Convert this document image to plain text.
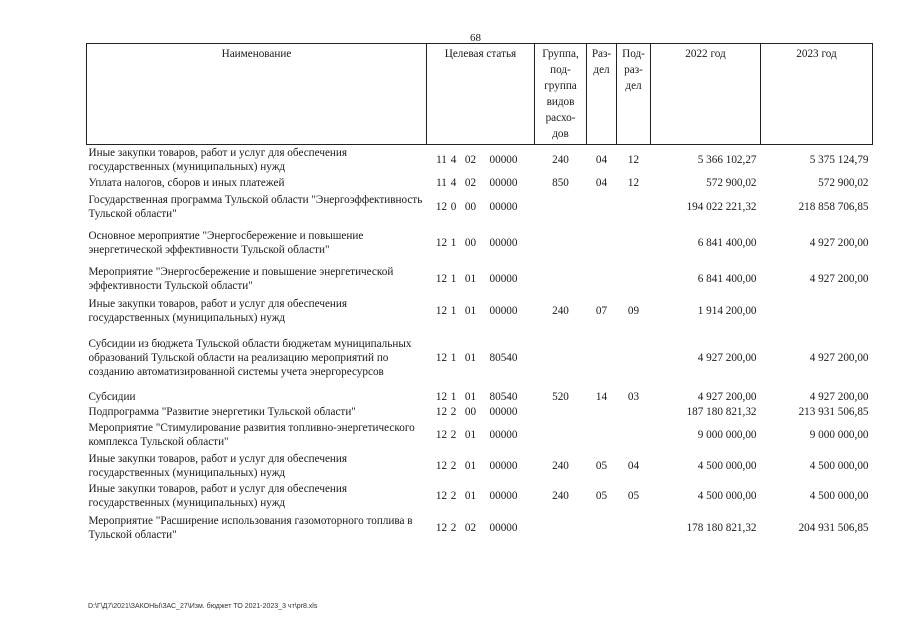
68
Наименование	Целевая статья	Группа, под- группа видов расхо- дов	Раз- дел	Под- раз- дел	2022 год	2023 год
Иные закупки товаров, работ и услуг для обеспечения государственных (муниципальных) нужд	11 4 02 00000	240	04	12	5 366 102,27	5 375 124,79
Уплата налогов, сборов и иных платежей	11 4 02 00000	850	04	12	572 900,02	572 900,02
Государственная программа Тульской области "Энергоэффективность Тульской области"	12 0 00 00000				194 022 221,32	218 858 706,85
Основное мероприятие "Энергосбережение и повышение энергетической эффективности Тульской области"	12 1 00 00000				6 841 400,00	4 927 200,00
Мероприятие "Энергосбережение и повышение энергетической эффективности Тульской области"	12 1 01 00000				6 841 400,00	4 927 200,00
Иные закупки товаров, работ и услуг для обеспечения государственных (муниципальных) нужд	12 1 01 00000	240	07	09	1 914 200,00	
Субсидии из бюджета Тульской области бюджетам муниципальных образований Тульской области на реализацию мероприятий по созданию автоматизированной системы учета энергоресурсов	12 1 01 80540				4 927 200,00	4 927 200,00
Субсидии	12 1 01 80540	520	14	03	4 927 200,00	4 927 200,00
Подпрограмма "Развитие энергетики Тульской области"	12 2 00 00000				187 180 821,32	213 931 506,85
Мероприятие "Стимулирование развития топливно-энергетического комплекса Тульской области"	12 2 01 00000				9 000 000,00	9 000 000,00
Иные закупки товаров, работ и услуг для обеспечения государственных (муниципальных) нужд	12 2 01 00000	240	05	04	4 500 000,00	4 500 000,00
Иные закупки товаров, работ и услуг для обеспечения государственных (муниципальных) нужд	12 2 01 00000	240	05	05	4 500 000,00	4 500 000,00
Мероприятие "Расширение использования газомоторного топлива в Тульской области"	12 2 02 00000				178 180 821,32	204 931 506,85
D:\Г\Д7\2021\ЗАКОНЫ\ЗАС_27\Изм. бюджет ТО 2021-2023_3 чт\pr8.xls
